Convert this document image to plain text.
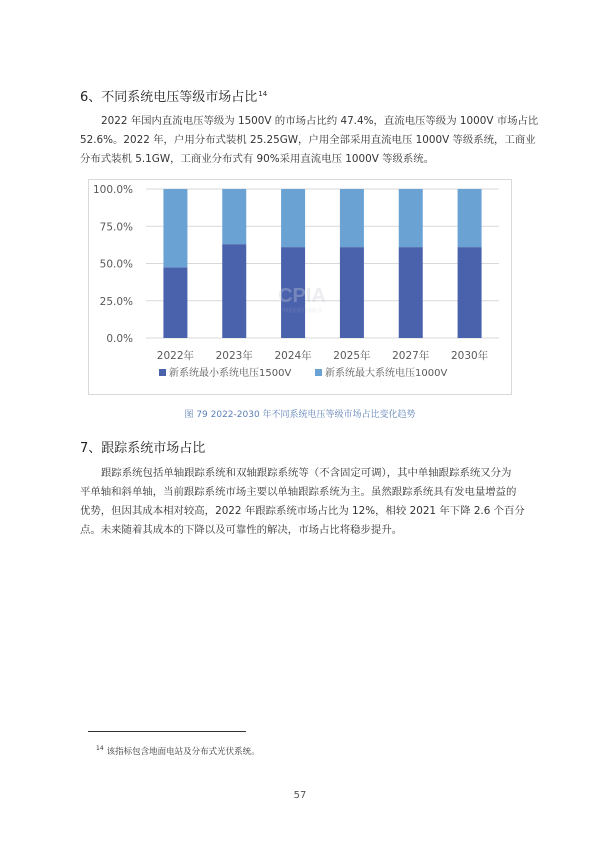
6、不同系统电压等级市场占比$^{14}$

2022 年国内直流电压等级为 1500V 的市场占比约 47.4%，直流电压等级为 1000V 市场占比
52.6%。2022 年，户用分布式装机 25.25GW，户用全部采用直流电压 1000V 等级系统，工商业
分布式装机 5.1GW，工商业分布式有 90%采用直流电压 1000V 等级系统。

0.0%
25.0%
50.0%
75.0%
100.0%
2022年 2023年 2024年 2025年 2027年 2030年
CPIA
中国光伏行业协会
新系统最小系统电压1500V	新系统最大系统电压1000V
图 79 2022-2030 年不同系统电压等级市场占比变化趋势
7、跟踪系统市场占比

跟踪系统包括单轴跟踪系统和双轴跟踪系统等（不含固定可调），其中单轴跟踪系统又分为
平单轴和斜单轴，当前跟踪系统市场主要以单轴跟踪系统为主。虽然跟踪系统具有发电量增益的
优势，但因其成本相对较高，2022 年跟踪系统市场占比为 12%，相较 2021 年下降 2.6 个百分
点。未来随着其成本的下降以及可靠性的解决，市场占比将稳步提升。

$^{14}$ 该指标包含地面电站及分布式光伏系统。
57
